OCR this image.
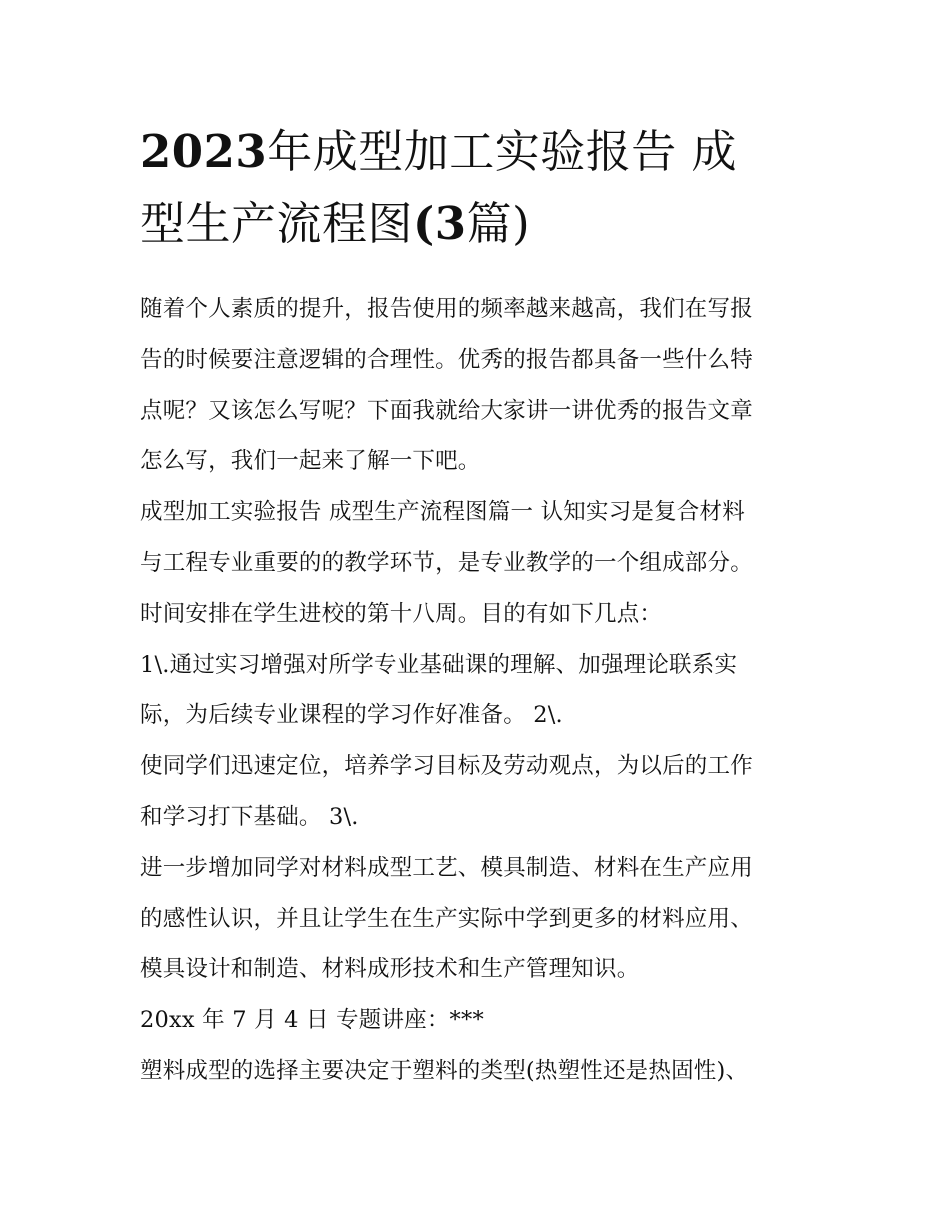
2023年成型加工实验报告 成
型生产流程图(3篇)
随着个人素质的提升，报告使用的频率越来越高，我们在写报
告的时候要注意逻辑的合理性。优秀的报告都具备一些什么特
点呢？又该怎么写呢？下面我就给大家讲一讲优秀的报告文章
怎么写，我们一起来了解一下吧。
成型加工实验报告 成型生产流程图篇一 认知实习是复合材料
与工程专业重要的的教学环节，是专业教学的一个组成部分。
时间安排在学生进校的第十八周。目的有如下几点：
1\.通过实习增强对所学专业基础课的理解、加强理论联系实
际，为后续专业课程的学习作好准备。 2\.
使同学们迅速定位，培养学习目标及劳动观点，为以后的工作
和学习打下基础。 3\.
进一步增加同学对材料成型工艺、模具制造、材料在生产应用
的感性认识，并且让学生在生产实际中学到更多的材料应用、
模具设计和制造、材料成形技术和生产管理知识。
20xx 年 7 月 4 日 专题讲座：***
塑料成型的选择主要决定于塑料的类型(热塑性还是热固性)、
